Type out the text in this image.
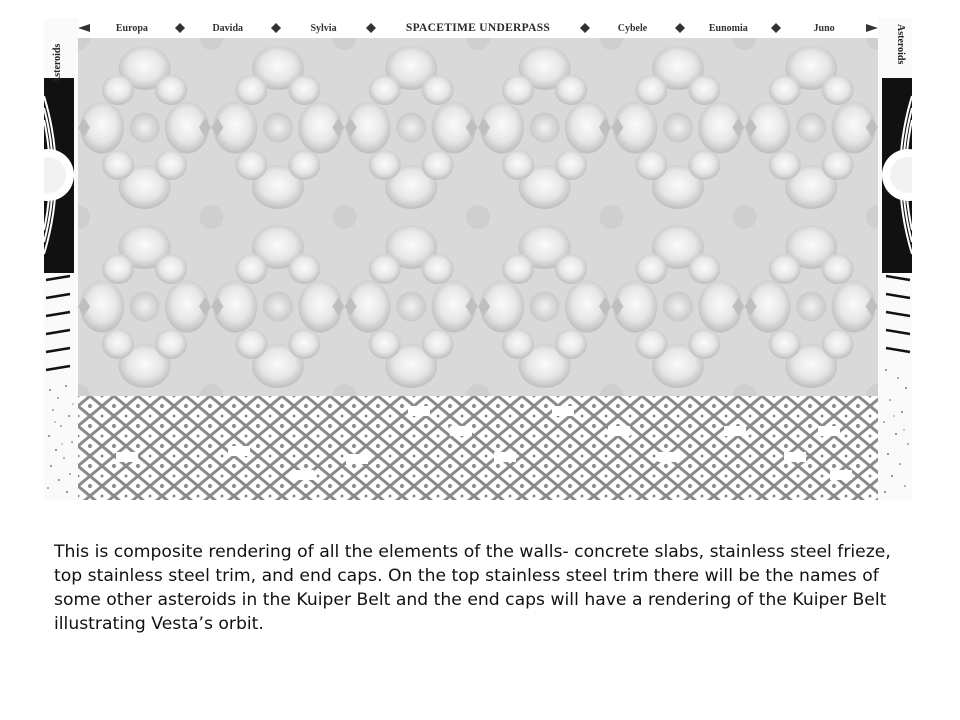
Asteroids
Europa	Davida	Sylvia	SPACETIME UNDERPASS	Cybele	Eunomia	Juno	Asteroids
This is composite rendering of all the elements of the walls- concrete slabs, stainless steel frieze, top stainless steel trim, and end caps. On the top stainless steel trim there will be the names of some other asteroids in the Kuiper Belt and the end caps will have a rendering of the Kuiper Belt illustrating Vesta’s orbit.
